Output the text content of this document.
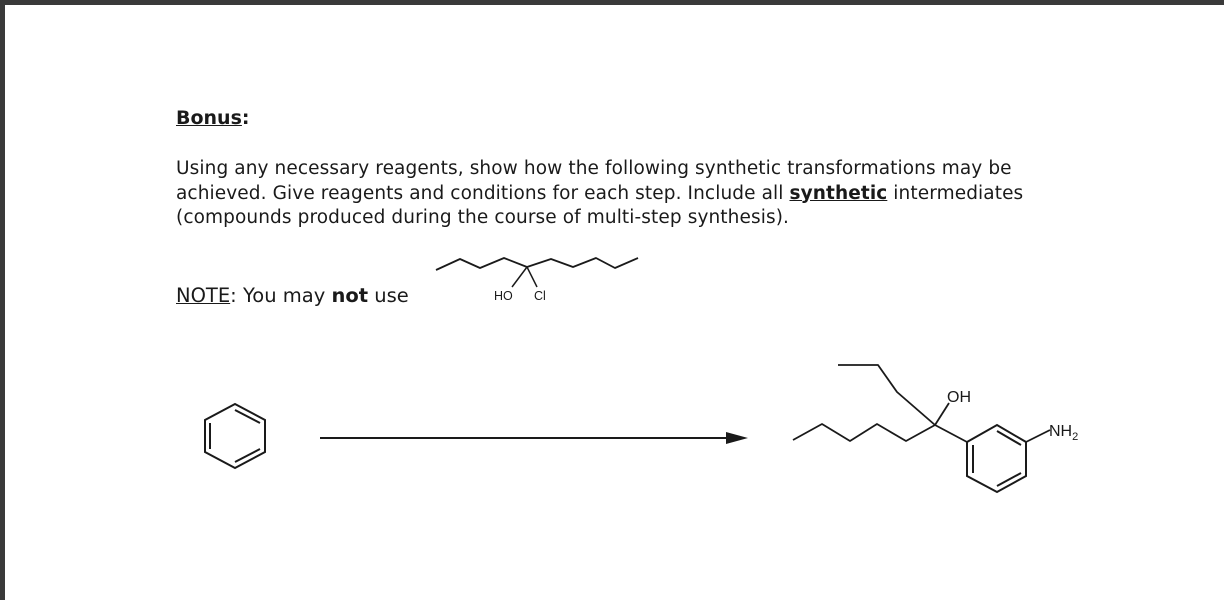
Bonus:
Using any necessary reagents, show how the following synthetic transformations may be achieved. Give reagents and conditions for each step. Include all synthetic intermediates (compounds produced during the course of multi-step synthesis).
NOTE: You may not use	HO Cl
OH
$NH_2$
